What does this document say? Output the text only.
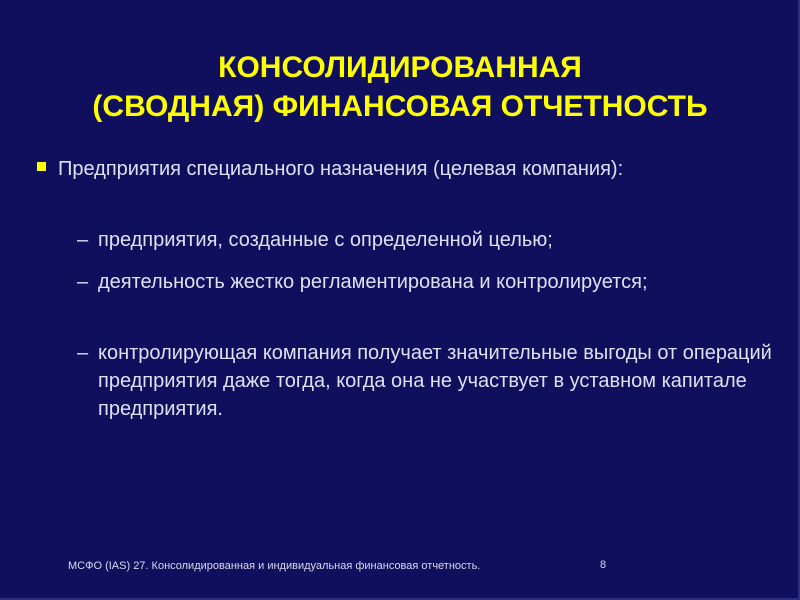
КОНСОЛИДИРОВАННАЯ
(СВОДНАЯ) ФИНАНСОВАЯ ОТЧЕТНОСТЬ
Предприятия специального назначения (целевая компания):
– предприятия, созданные с определенной целью;
– деятельность жестко регламентирована и контролируется;
– контролирующая компания получает значительные выгоды от операций предприятия даже тогда, когда она не участвует в уставном капитале предприятия.
МСФО (IAS) 27. Консолидированная и индивидуальная финансовая отчетность.	8
